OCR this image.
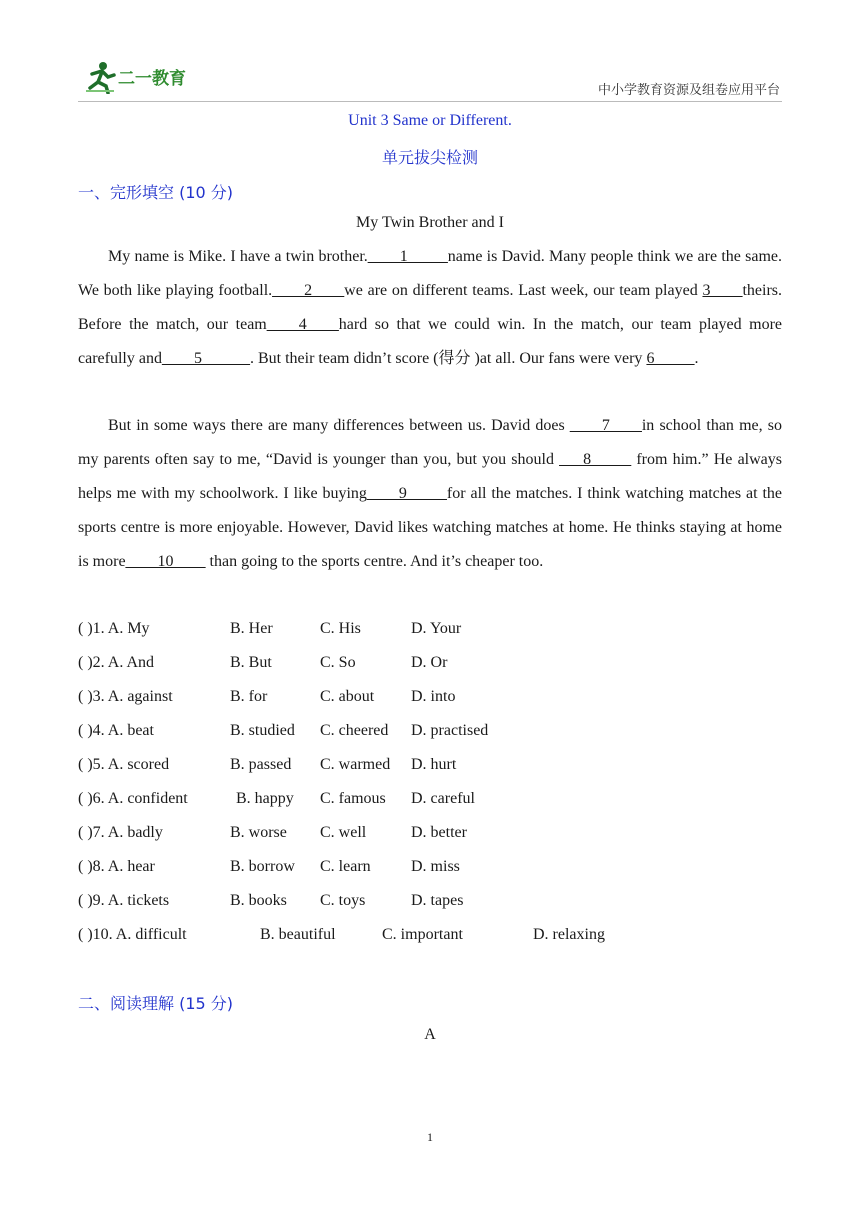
二一教育
中小学教育资源及组卷应用平台
Unit 3 Same or Different.
单元拔尖检测
一、完形填空 (10 分)
My Twin Brother and I
My name is Mike. I have a twin brother.____1_____name is David. Many people think we are the same. We both like playing football.____2____we are on different teams. Last week, our team played 3____theirs. Before the match, our team____4____hard so that we could win. In the match, our team played more carefully and____5______. But their team didn’t score (得分 )at all. Our fans were very 6_____.
But in some ways there are many differences between us. David does ____7____in school than me, so my parents often say to me, “David is younger than you, but you should ___8_____ from him.” He always helps me with my schoolwork. I like buying____9_____for all the matches. I think watching matches at the sports centre is more enjoyable. However, David likes watching matches at home. He thinks staying at home is more____10____ than going to the sports centre. And it’s cheaper too.
( )1. A. My	B. Her	C. His	D. Your
( )2. A. And	B. But	C. So	D. Or
( )3. A. against	B. for	C. about D. into
( )4. A. beat	B. studied C. cheered D. practised
( )5. A. scored	B. passed C. warmed D. hurt
( )6. A. confident	B. happy C. famous D. careful
( )7. A. badly	B. worse C. well	D. better
( )8. A. hear	B. borrow C. learn	D. miss
( )9. A. tickets	B. books C. toys	D. tapes
( )10. A. difficult	B. beautiful	C. important	D. relaxing
二、阅读理解 (15 分)
A
1
